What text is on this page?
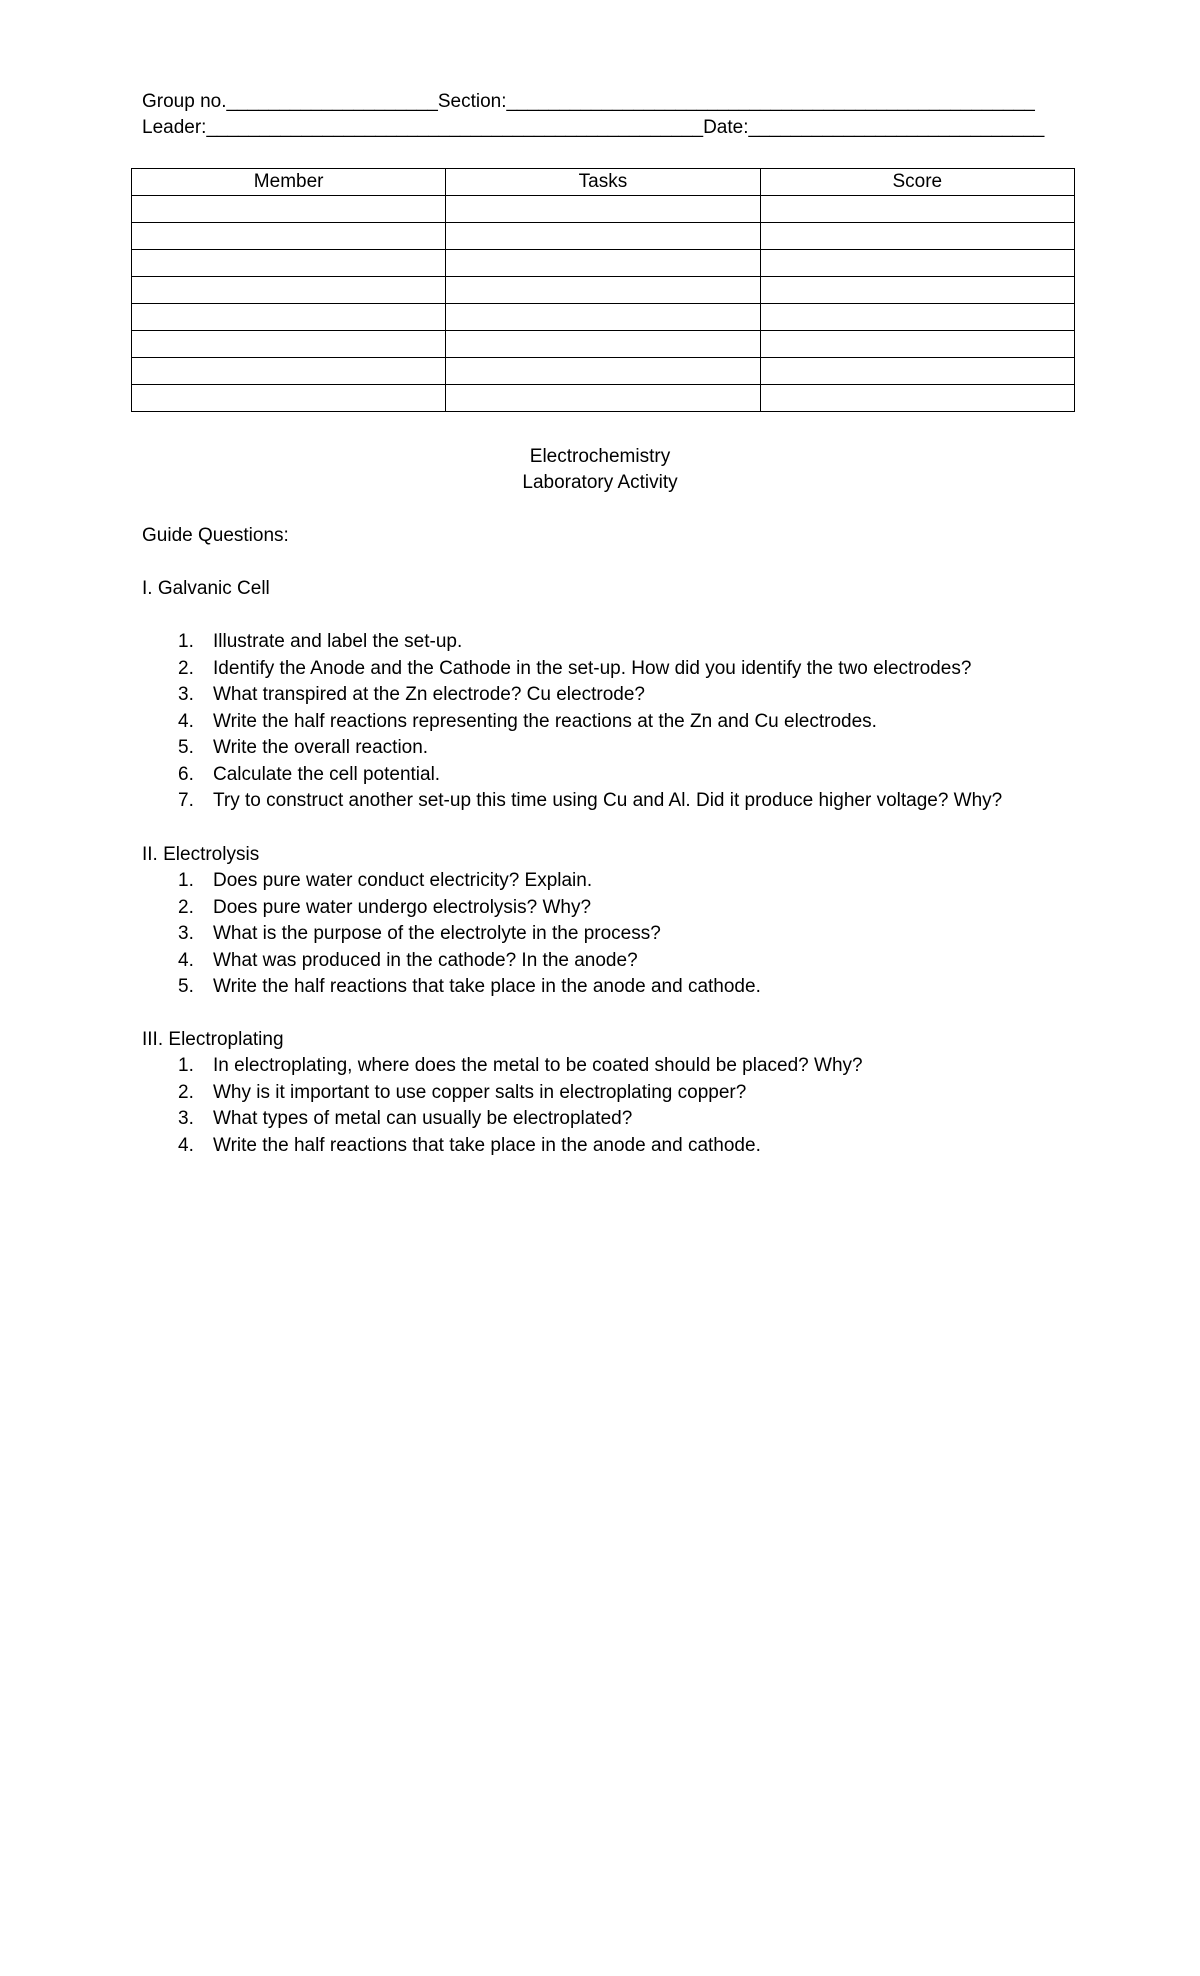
Group no.____________________Section:__________________________________________________
Leader:_______________________________________________Date:____________________________
Member	Tasks	Score

Electrochemistry
Laboratory Activity
Guide Questions:
I. Galvanic Cell
1. Illustrate and label the set-up.
2. Identify the Anode and the Cathode in the set-up. How did you identify the two electrodes?
3. What transpired at the Zn electrode? Cu electrode?
4. Write the half reactions representing the reactions at the Zn and Cu electrodes.
5. Write the overall reaction.
6. Calculate the cell potential.
7. Try to construct another set-up this time using Cu and Al. Did it produce higher voltage? Why?
II. Electrolysis
1. Does pure water conduct electricity? Explain.
2. Does pure water undergo electrolysis? Why?
3. What is the purpose of the electrolyte in the process?
4. What was produced in the cathode? In the anode?
5. Write the half reactions that take place in the anode and cathode.
III. Electroplating
1. In electroplating, where does the metal to be coated should be placed? Why?
2. Why is it important to use copper salts in electroplating copper?
3. What types of metal can usually be electroplated?
4. Write the half reactions that take place in the anode and cathode.
